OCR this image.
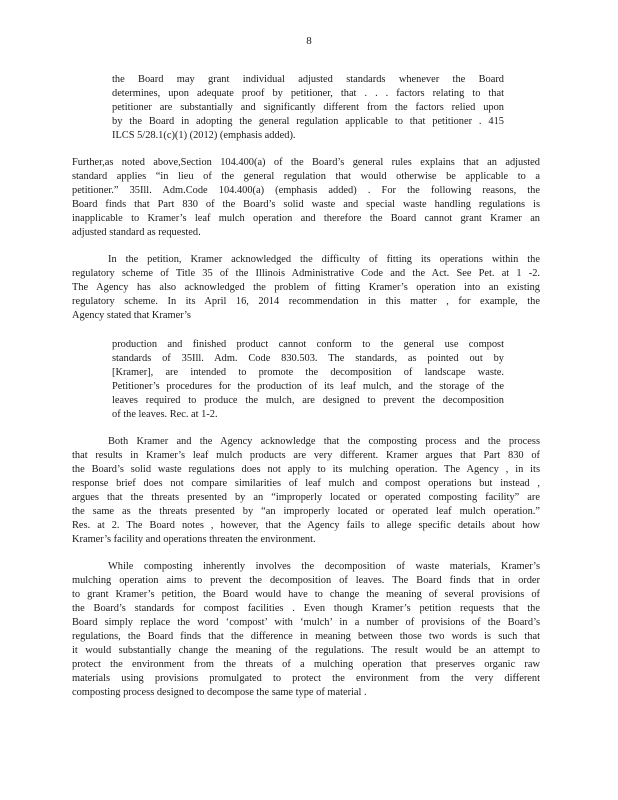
8
the Board may grant individual adjusted standards whenever the Board
determines, upon adequate proof by petitioner, that . . . factors relating to that
petitioner are substantially and significantly different from the factors relied upon
by the Board in adopting the general regulation applicable to that petitioner . 415
ILCS 5/28.1(c)(1) (2012) (emphasis added).
Further,as noted above,Section 104.400(a) of the Board’s general rules explains that an adjusted
standard applies “in lieu of the general regulation that would otherwise be applicable to a
petitioner.” 35Ill. Adm.Code 104.400(a) (emphasis added) . For the following reasons, the
Board finds that Part 830 of the Board’s solid waste and special waste handling regulations is
inapplicable to Kramer’s leaf mulch operation and therefore the Board cannot grant Kramer an
adjusted standard as requested.
In the petition, Kramer acknowledged the difficulty of fitting its operations within the
regulatory scheme of Title 35 of the Illinois Administrative Code and the Act. See Pet. at 1 -2.
The Agency has also acknowledged the problem of fitting Kramer’s operation into an existing
regulatory scheme. In its April 16, 2014 recommendation in this matter , for example, the
Agency stated that Kramer’s
production and finished product cannot conform to the general use compost
standards of 35Ill. Adm. Code 830.503. The standards, as pointed out by
[Kramer], are intended to promote the decomposition of landscape waste.
Petitioner’s procedures for the production of its leaf mulch, and the storage of the
leaves required to produce the mulch, are designed to prevent the decomposition
of the leaves. Rec. at 1-2.
Both Kramer and the Agency acknowledge that the composting process and the process
that results in Kramer’s leaf mulch products are very different. Kramer argues that Part 830 of
the Board’s solid waste regulations does not apply to its mulching operation. The Agency , in its
response brief does not compare similarities of leaf mulch and compost operations but instead ,
argues that the threats presented by an “improperly located or operated composting facility” are
the same as the threats presented by “an improperly located or operated leaf mulch operation.”
Res. at 2. The Board notes , however, that the Agency fails to allege specific details about how
Kramer’s facility and operations threaten the environment.
While composting inherently involves the decomposition of waste materials, Kramer’s
mulching operation aims to prevent the decomposition of leaves. The Board finds that in order
to grant Kramer’s petition, the Board would have to change the meaning of several provisions of
the Board’s standards for compost facilities . Even though Kramer’s petition requests that the
Board simply replace the word ‘compost’ with ‘mulch’ in a number of provisions of the Board’s
regulations, the Board finds that the difference in meaning between those two words is such that
it would substantially change the meaning of the regulations. The result would be an attempt to
protect the environment from the threats of a mulching operation that preserves organic raw
materials using provisions promulgated to protect the environment from the very different
composting process designed to decompose the same type of material .
